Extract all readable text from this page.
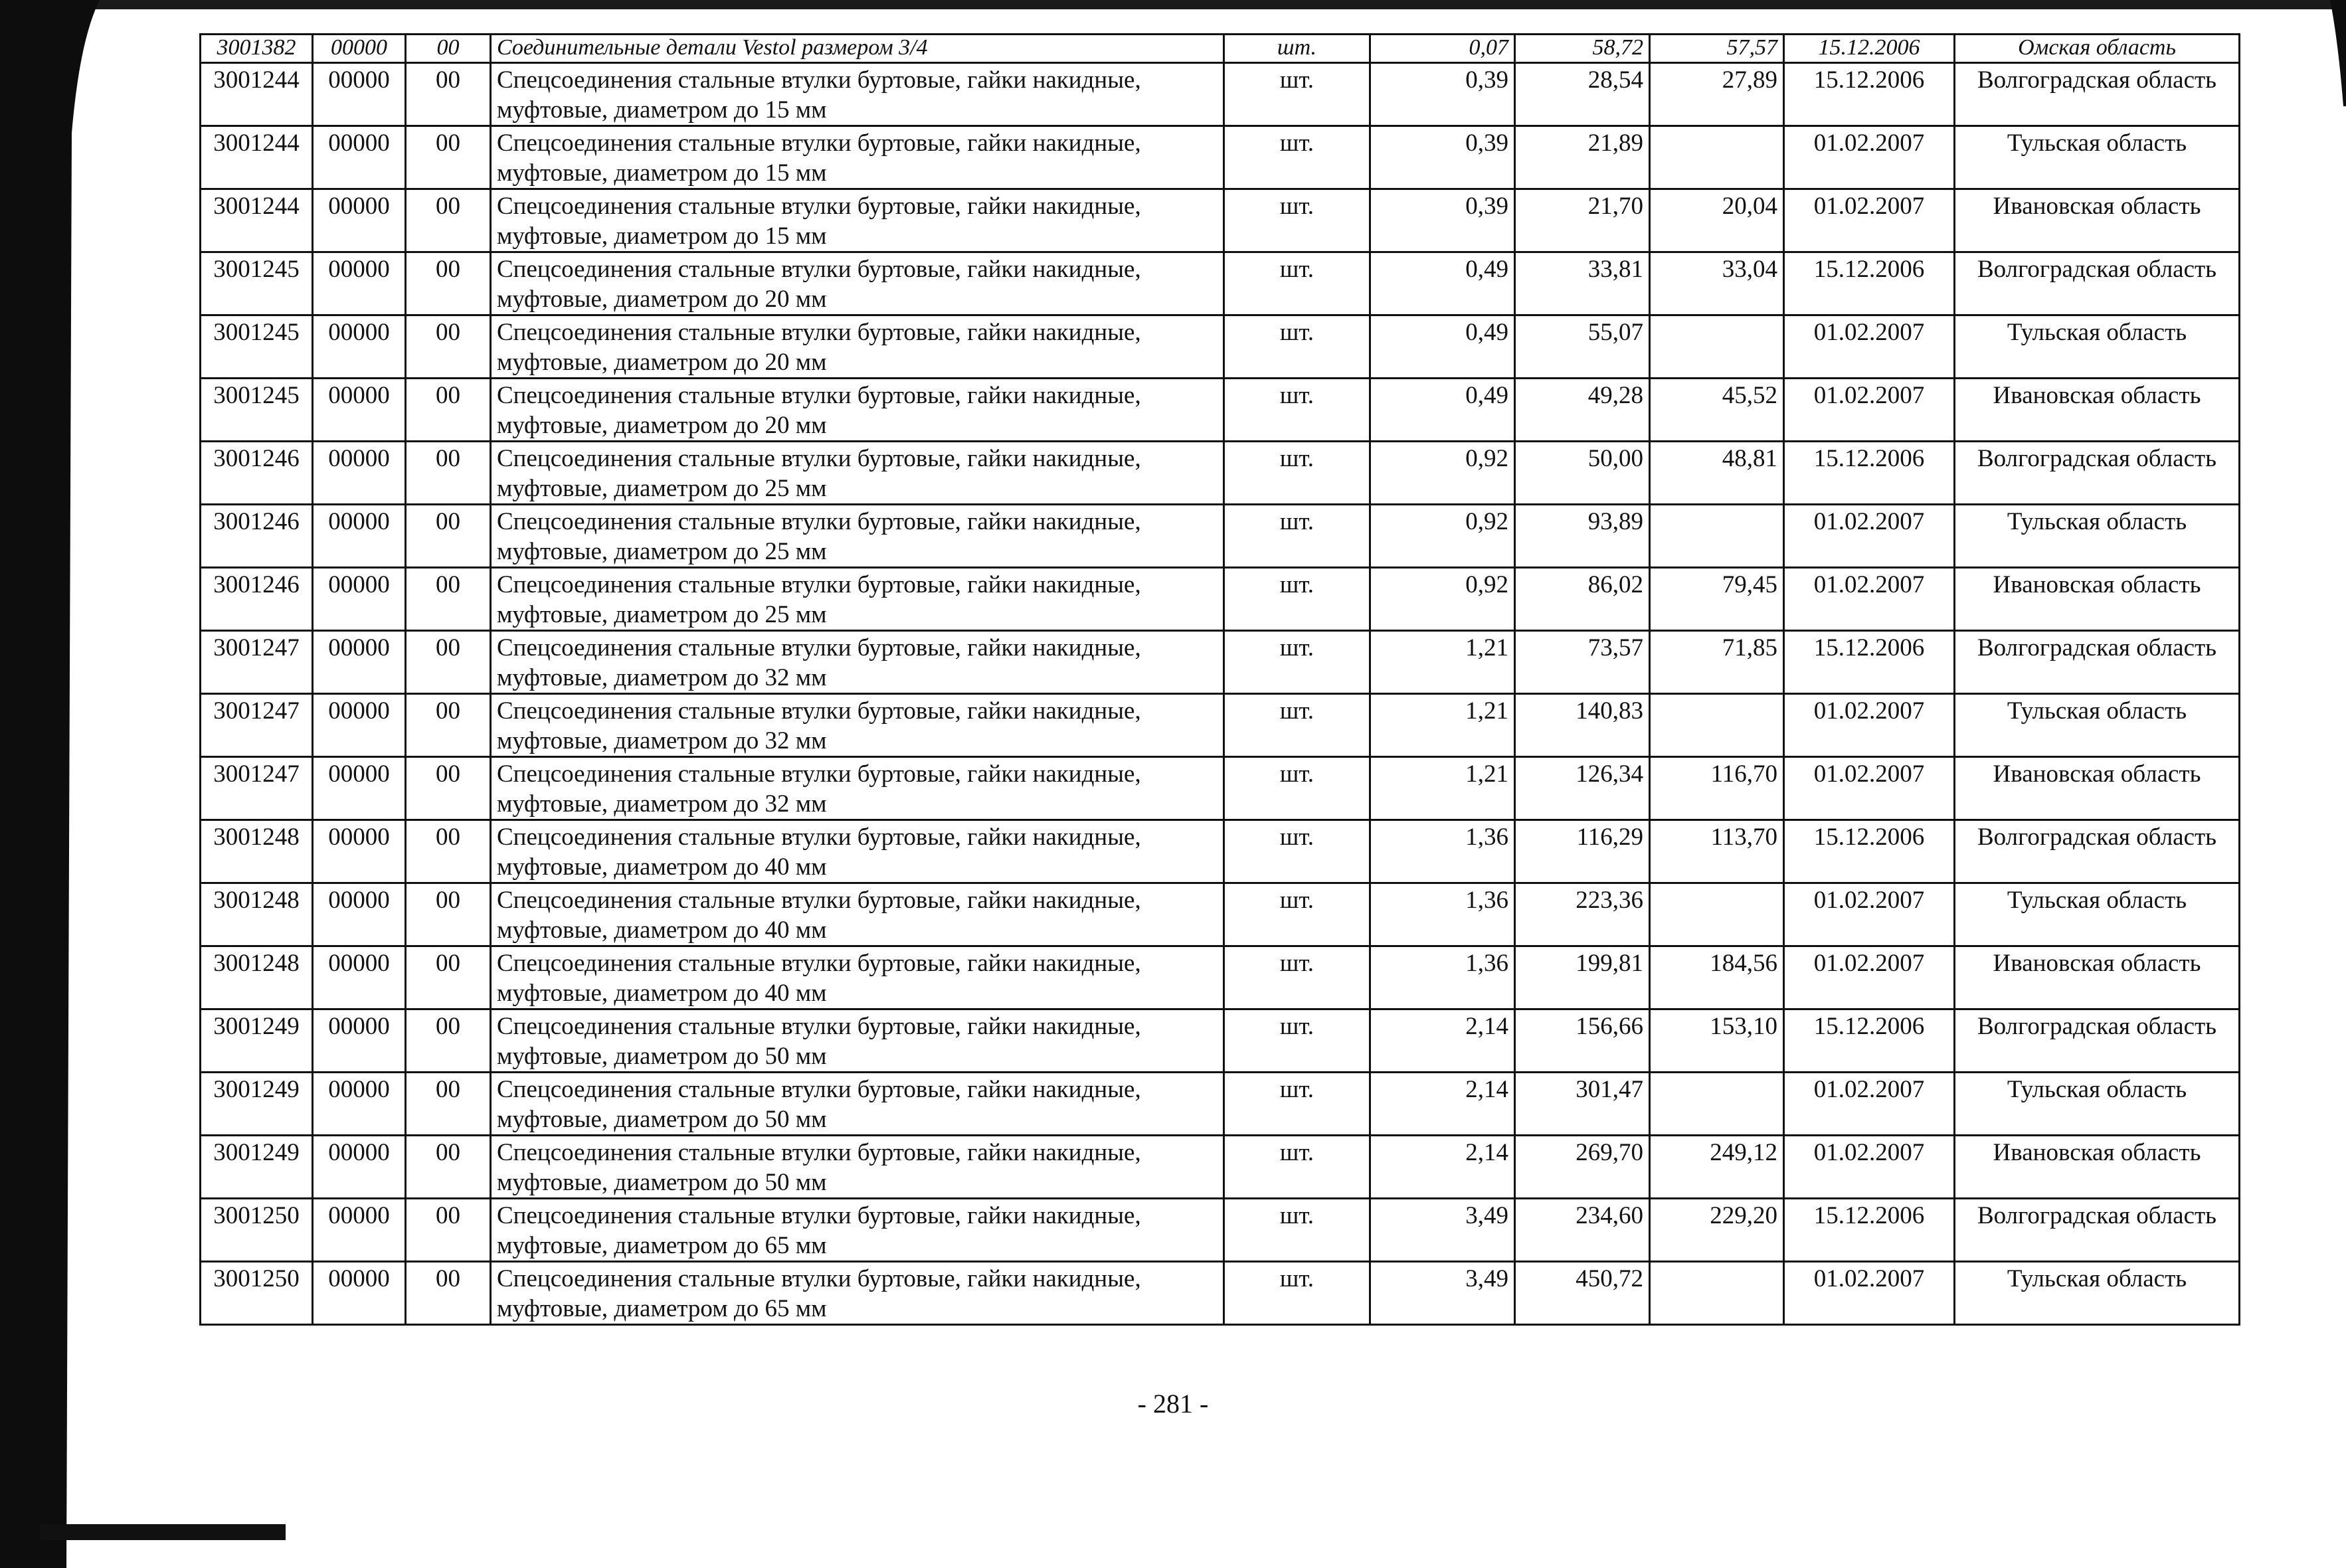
3001382	00000	00	Соединительные детали Vestol размером 3/4	шт.	0,07	58,72	57,57	15.12.2006	Омская область
3001244	00000	00	Спецсоединения стальные втулки буртовые, гайки накидные, муфтовые, диаметром до 15 мм	шт.	0,39	28,54	27,89	15.12.2006	Волгоградская область
3001244	00000	00	Спецсоединения стальные втулки буртовые, гайки накидные, муфтовые, диаметром до 15 мм	шт.	0,39	21,89		01.02.2007	Тульская область
3001244	00000	00	Спецсоединения стальные втулки буртовые, гайки накидные, муфтовые, диаметром до 15 мм	шт.	0,39	21,70	20,04	01.02.2007	Ивановская область
3001245	00000	00	Спецсоединения стальные втулки буртовые, гайки накидные, муфтовые, диаметром до 20 мм	шт.	0,49	33,81	33,04	15.12.2006	Волгоградская область
3001245	00000	00	Спецсоединения стальные втулки буртовые, гайки накидные, муфтовые, диаметром до 20 мм	шт.	0,49	55,07		01.02.2007	Тульская область
3001245	00000	00	Спецсоединения стальные втулки буртовые, гайки накидные, муфтовые, диаметром до 20 мм	шт.	0,49	49,28	45,52	01.02.2007	Ивановская область
3001246	00000	00	Спецсоединения стальные втулки буртовые, гайки накидные, муфтовые, диаметром до 25 мм	шт.	0,92	50,00	48,81	15.12.2006	Волгоградская область
3001246	00000	00	Спецсоединения стальные втулки буртовые, гайки накидные, муфтовые, диаметром до 25 мм	шт.	0,92	93,89		01.02.2007	Тульская область
3001246	00000	00	Спецсоединения стальные втулки буртовые, гайки накидные, муфтовые, диаметром до 25 мм	шт.	0,92	86,02	79,45	01.02.2007	Ивановская область
3001247	00000	00	Спецсоединения стальные втулки буртовые, гайки накидные, муфтовые, диаметром до 32 мм	шт.	1,21	73,57	71,85	15.12.2006	Волгоградская область
3001247	00000	00	Спецсоединения стальные втулки буртовые, гайки накидные, муфтовые, диаметром до 32 мм	шт.	1,21	140,83		01.02.2007	Тульская область
3001247	00000	00	Спецсоединения стальные втулки буртовые, гайки накидные, муфтовые, диаметром до 32 мм	шт.	1,21	126,34	116,70	01.02.2007	Ивановская область
3001248	00000	00	Спецсоединения стальные втулки буртовые, гайки накидные, муфтовые, диаметром до 40 мм	шт.	1,36	116,29	113,70	15.12.2006	Волгоградская область
3001248	00000	00	Спецсоединения стальные втулки буртовые, гайки накидные, муфтовые, диаметром до 40 мм	шт.	1,36	223,36		01.02.2007	Тульская область
3001248	00000	00	Спецсоединения стальные втулки буртовые, гайки накидные, муфтовые, диаметром до 40 мм	шт.	1,36	199,81	184,56	01.02.2007	Ивановская область
3001249	00000	00	Спецсоединения стальные втулки буртовые, гайки накидные, муфтовые, диаметром до 50 мм	шт.	2,14	156,66	153,10	15.12.2006	Волгоградская область
3001249	00000	00	Спецсоединения стальные втулки буртовые, гайки накидные, муфтовые, диаметром до 50 мм	шт.	2,14	301,47		01.02.2007	Тульская область
3001249	00000	00	Спецсоединения стальные втулки буртовые, гайки накидные, муфтовые, диаметром до 50 мм	шт.	2,14	269,70	249,12	01.02.2007	Ивановская область
3001250	00000	00	Спецсоединения стальные втулки буртовые, гайки накидные, муфтовые, диаметром до 65 мм	шт.	3,49	234,60	229,20	15.12.2006	Волгоградская область
3001250	00000	00	Спецсоединения стальные втулки буртовые, гайки накидные, муфтовые, диаметром до 65 мм	шт.	3,49	450,72		01.02.2007	Тульская область
- 281 -
